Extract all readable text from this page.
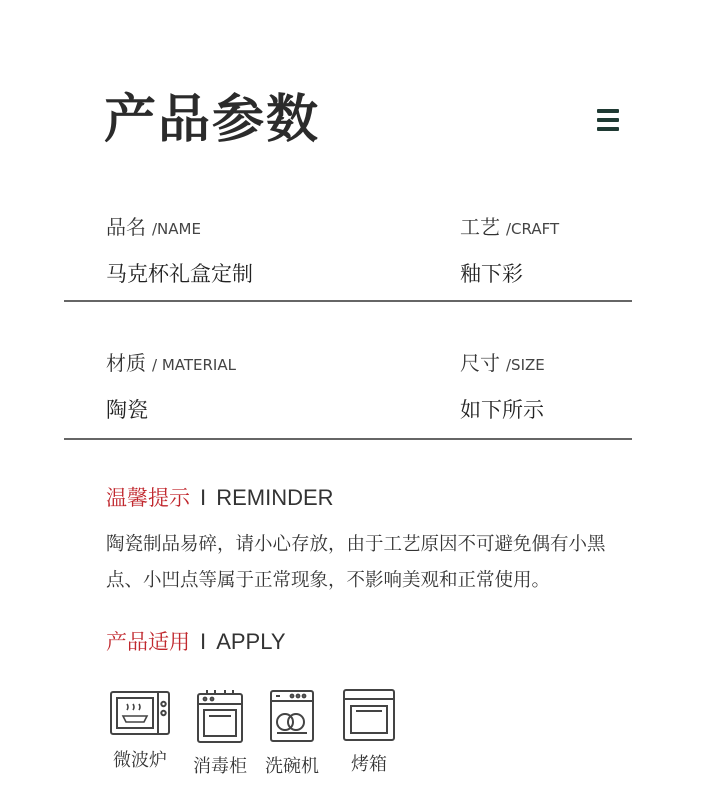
产品参数
品名 /NAME
马克杯礼盒定制
工艺 /CRAFT
釉下彩
材质 / MATERIAL
陶瓷
尺寸 /SIZE
如下所示
温馨提示 I REMINDER
陶瓷制品易碎，请小心存放，由于工艺原因不可避免偶有小黑点、小凹点等属于正常现象，不影响美观和正常使用。
产品适用 I APPLY
微波炉	消毒柜	洗碗机	烤箱
